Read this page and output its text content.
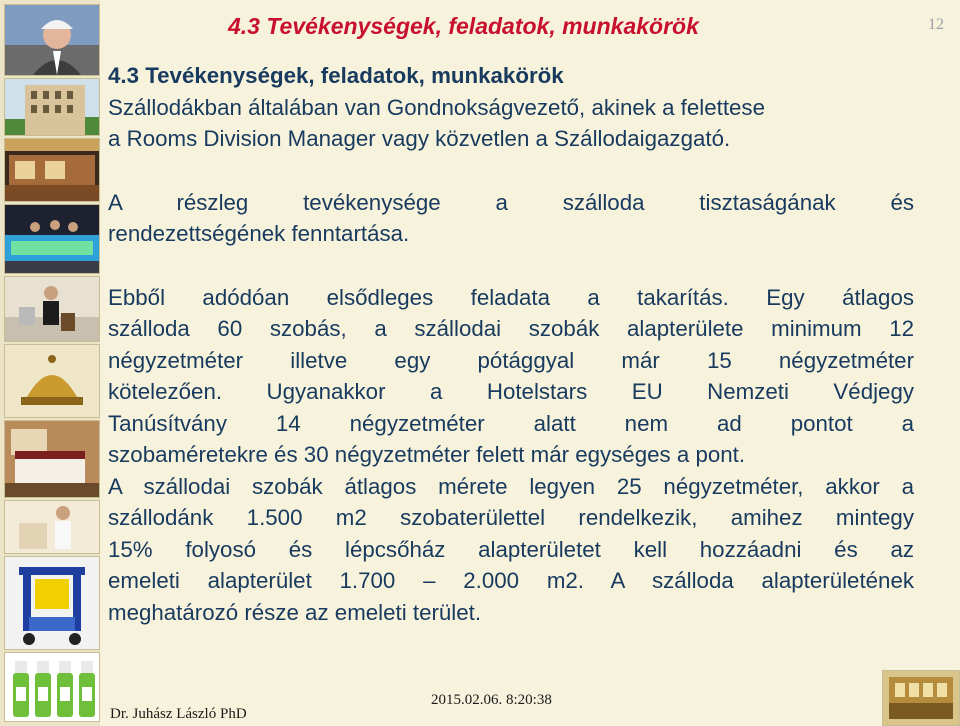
4.3 Tevékenységek, feladatok, munkakörök	12

4.3 Tevékenységek, feladatok, munkakörök

Szállodákban általában van Gondnokságvezető, akinek a felettese

a Rooms Division Manager vagy közvetlen a Szállodaigazgató.

A részleg tevékenysége a szálloda tisztaságának és

rendezettségének fenntartása.

Ebből adódóan elsődleges feladata a takarítás. Egy átlagos

szálloda 60 szobás, a szállodai szobák alapterülete minimum 12

négyzetméter illetve egy pótággyal már 15 négyzetméter

kötelezően. Ugyanakkor a Hotelstars EU Nemzeti Védjegy

Tanúsítvány 14 négyzetméter alatt nem ad pontot a

szobaméretekre és 30 négyzetméter felett már egységes a pont.

A szállodai szobák átlagos mérete legyen 25 négyzetméter, akkor a

szállodánk 1.500 m2 szobaterülettel rendelkezik, amihez mintegy

15% folyosó és lépcsőház alapterületet kell hozzáadni és az

emeleti alapterület 1.700 – 2.000 m2. A szálloda alapterületének

meghatározó része az emeleti terület.

2015.02.06. 8:20:38
Dr. Juhász László PhD
